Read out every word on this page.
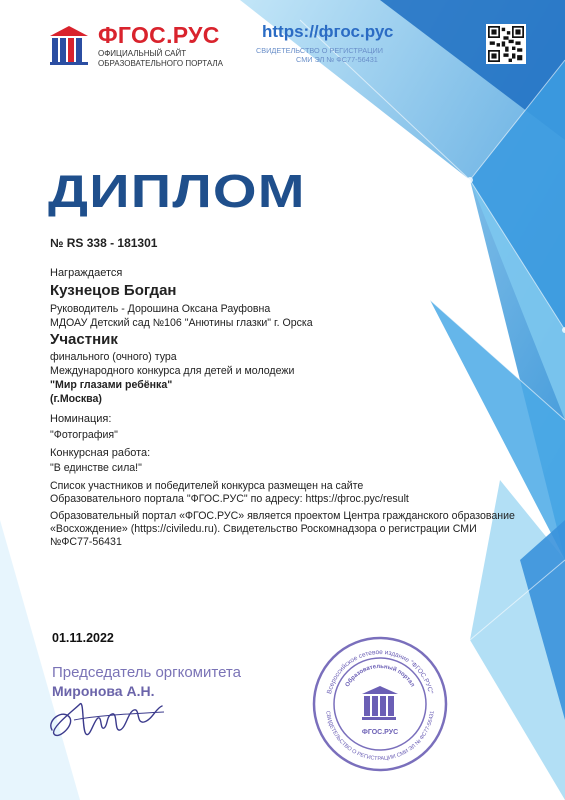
ФГОС.РУС
ОФИЦИАЛЬНЫЙ САЙТ
ОБРАЗОВАТЕЛЬНОГО ПОРТАЛА
https://фгос.рус
СВИДЕТЕЛЬСТВО О РЕГИСТРАЦИИ
СМИ ЭЛ № ФС77-56431
ДИПЛОМ
№ RS 338 - 181301
Награждается
Кузнецов Богдан
Руководитель - Дорошина Оксана Рауфовна
МДОАУ Детский сад №106 "Анютины глазки" г. Орска
Участник
финального (очного) тура
Международного конкурса для детей и молодежи
"Мир глазами ребёнка"
(г.Москва)
Номинация:
"Фотография"
Конкурсная работа:
"В единстве сила!"
Список участников и победителей конкурса размещен на сайте
Образовательного портала "ФГОС.РУС" по адресу: https://фгос.рус/result
Образовательный портал «ФГОС.РУС» является проектом Центра гражданского образование
«Восхождение» (https://civiledu.ru). Свидетельство Роскомнадзора о регистрации СМИ
№ФС77-56431
01.11.2022
Председатель оргкомитета
Миронова А.Н.	Всероссийское сетевое издание "ФГОС.РУС"
СВИДЕТЕЛЬСТВО О РЕГИСТРАЦИИ СМИ ЭЛ № ФС77-56431
Образовательный портал
ФГОС.РУС
